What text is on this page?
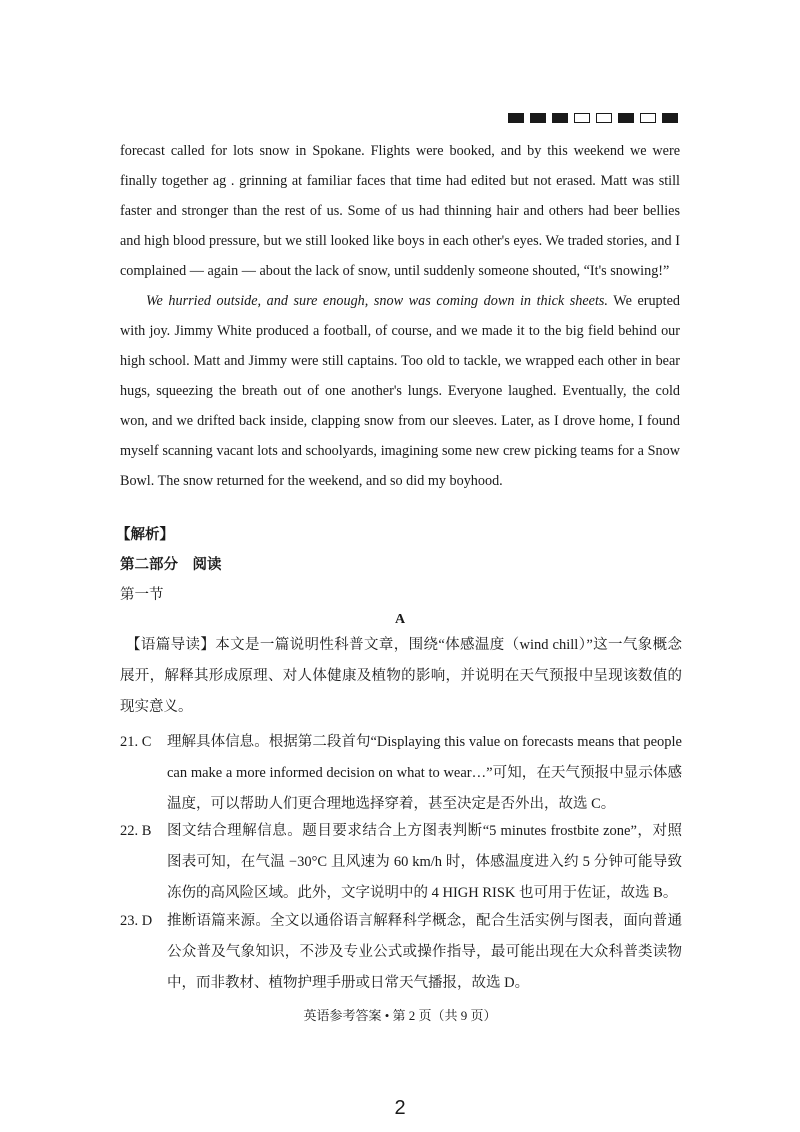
forecast called for lots snow in Spokane. Flights were booked, and by this weekend we were finally together ag . grinning at familiar faces that time had edited but not erased. Matt was still faster and stronger than the rest of us. Some of us had thinning hair and others had beer bellies and high blood pressure, but we still looked like boys in each other's eyes. We traded stories, and I complained — again — about the lack of snow, until suddenly someone shouted, “It's snowing!”

We hurried outside, and sure enough, snow was coming down in thick sheets. We erupted with joy. Jimmy White produced a football, of course, and we made it to the big field behind our high school. Matt and Jimmy were still captains. Too old to tackle, we wrapped each other in bear hugs, squeezing the breath out of one another's lungs. Everyone laughed. Eventually, the cold won, and we drifted back inside, clapping snow from our sleeves. Later, as I drove home, I found myself scanning vacant lots and schoolyards, imagining some new crew picking teams for a Snow Bowl. The snow returned for the weekend, and so did my boyhood.

【解析】
第二部分　阅读
第一节
A
【语篇导读】本文是一篇说明性科普文章，围绕“体感温度（wind chill）”这一气象概念展开，解释其形成原理、对人体健康及植物的影响，并说明在天气预报中呈现该数值的现实意义。
21. C	理解具体信息。根据第二段首句“Displaying this value on forecasts means that people can make a more informed decision on what to wear…”可知，在天气预报中显示体感温度，可以帮助人们更合理地选择穿着，甚至决定是否外出，故选 C。
22. B	图文结合理解信息。题目要求结合上方图表判断“5 minutes frostbite zone”，对照图表可知，在气温 −30°C 且风速为 60 km/h 时，体感温度进入约 5 分钟可能导致冻伤的高风险区域。此外，文字说明中的 4 HIGH RISK 也可用于佐证，故选 B。
23. D	推断语篇来源。全文以通俗语言解释科学概念，配合生活实例与图表，面向普通公众普及气象知识，不涉及专业公式或操作指导，最可能出现在大众科普类读物中，而非教材、植物护理手册或日常天气播报，故选 D。
英语参考答案 • 第 2 页（共 9 页）
2
